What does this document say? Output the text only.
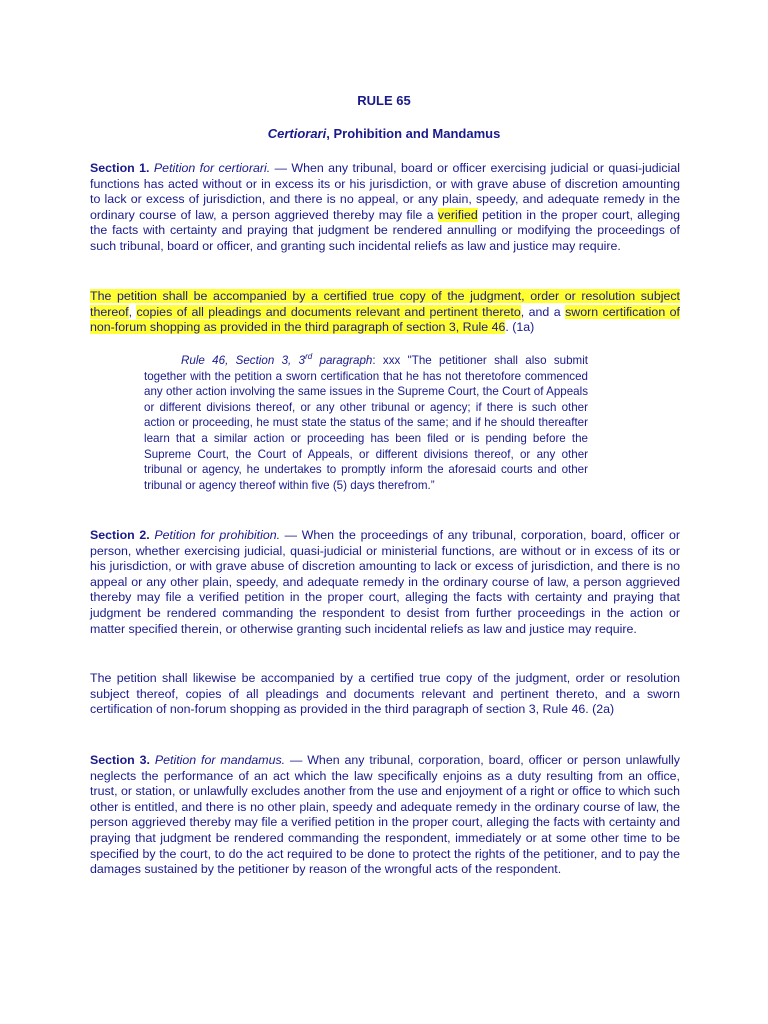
RULE 65

Certiorari, Prohibition and Mandamus

Section 1. Petition for certiorari. — When any tribunal, board or officer exercising judicial or quasi-judicial functions has acted without or in excess its or his jurisdiction, or with grave abuse of discretion amounting to lack or excess of jurisdiction, and there is no appeal, or any plain, speedy, and adequate remedy in the ordinary course of law, a person aggrieved thereby may file a verified petition in the proper court, alleging the facts with certainty and praying that judgment be rendered annulling or modifying the proceedings of such tribunal, board or officer, and granting such incidental reliefs as law and justice may require.

The petition shall be accompanied by a certified true copy of the judgment, order or resolution subject thereof, copies of all pleadings and documents relevant and pertinent thereto, and a sworn certification of non-forum shopping as provided in the third paragraph of section 3, Rule 46. (1a)

Rule 46, Section 3, 3rd paragraph: xxx "The petitioner shall also submit together with the petition a sworn certification that he has not theretofore commenced any other action involving the same issues in the Supreme Court, the Court of Appeals or different divisions thereof, or any other tribunal or agency; if there is such other action or proceeding, he must state the status of the same; and if he should thereafter learn that a similar action or proceeding has been filed or is pending before the Supreme Court, the Court of Appeals, or different divisions thereof, or any other tribunal or agency, he undertakes to promptly inform the aforesaid courts and other tribunal or agency thereof within five (5) days therefrom.”

Section 2. Petition for prohibition. — When the proceedings of any tribunal, corporation, board, officer or person, whether exercising judicial, quasi-judicial or ministerial functions, are without or in excess of its or his jurisdiction, or with grave abuse of discretion amounting to lack or excess of jurisdiction, and there is no appeal or any other plain, speedy, and adequate remedy in the ordinary course of law, a person aggrieved thereby may file a verified petition in the proper court, alleging the facts with certainty and praying that judgment be rendered commanding the respondent to desist from further proceedings in the action or matter specified therein, or otherwise granting such incidental reliefs as law and justice may require.

The petition shall likewise be accompanied by a certified true copy of the judgment, order or resolution subject thereof, copies of all pleadings and documents relevant and pertinent thereto, and a sworn certification of non-forum shopping as provided in the third paragraph of section 3, Rule 46. (2a)

Section 3. Petition for mandamus. — When any tribunal, corporation, board, officer or person unlawfully neglects the performance of an act which the law specifically enjoins as a duty resulting from an office, trust, or station, or unlawfully excludes another from the use and enjoyment of a right or office to which such other is entitled, and there is no other plain, speedy and adequate remedy in the ordinary course of law, the person aggrieved thereby may file a verified petition in the proper court, alleging the facts with certainty and praying that judgment be rendered commanding the respondent, immediately or at some other time to be specified by the court, to do the act required to be done to protect the rights of the petitioner, and to pay the damages sustained by the petitioner by reason of the wrongful acts of the respondent.
